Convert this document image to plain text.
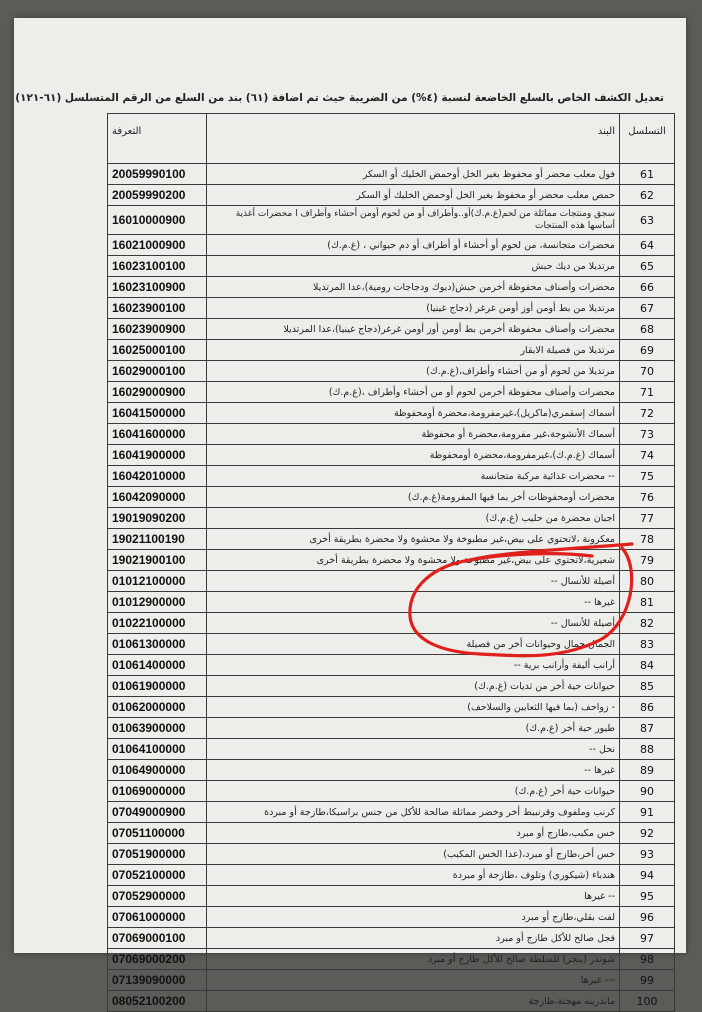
تعديل الكشف الخاص بالسلع الخاضعة لنسبة (٤%) من الضريبة حيث تم اضافة (٦١) بند من السلع من الرقم المتسلسل (٦١-١٢١)
التسلسل	البند	التعرفة
61	فول معلب محضر أو محفوظ بغير الخل أوحمض الخليك أو السكر	20059990100
62	حمص معلب محضر أو محفوظ بغير الخل أوحمض الخليك أو السكر	20059990200
63	سجق ومنتجات مماثلة من لحم(غ.م.ك)أو..وأطراف أو من لحوم أومن أحشاء وأطراف ا محضرات أغذية أساسها هذه المنتجات	16010000900
64	محضرات متجانسة، من لحوم أو أحشاء أو أطراف أو دم حيواني ، (غ.م.ك)	16021000900
65	مرتديلا من ديك حبش	16023100100
66	محضرات وأصناف محفوظة أخرمن حبش(ديوك ودجاجات رومية)،عدا المرتديلا	16023100900
67	مرتديلا من بط أومن أوز أومن غرغر (دجاج غينيا)	16023900100
68	محضرات وأصناف محفوظة أخرمن بط أومن أوز أومن غرغر(دجاج غينيا)،عدا المرتديلا	16023900900
69	مرتديلا من فصيلة الابقار	16025000100
70	مرتديلا من لحوم أو من أحشاء وأطراف،(غ.م.ك)	16029000100
71	محضرات وأصناف محفوظة أخرمن لحوم أو من أحشاء وأطراف ،(غ.م.ك)	16029000900
72	أسماك إسقمري(ماكريل)،غيرمفرومة،محضرة أومحفوظة	16041500000
73	أسماك الأنشوجة،غير مفرومة،محضرة أو محفوظة	16041600000
74	أسماك (غ.م.ك)،غيرمفرومة،محضرة أومحفوظة	16041900000
75	-- محضرات غذائية مركبة متجانسة	16042010000
76	محضرات أومحفوظات أخر بما فيها المفرومة(غ.م.ك)	16042090000
77	اجبان محضرة من حليب (غ.م.ك)	19019090200
78	معكرونة ،لاتحتوي على بيض،غير مطبوخة ولا محشوة ولا محضرة بطريقة أخرى	19021100190
79	شعيرية،لاتحتوي على بيض،غير مطبوخة ولا محشوة ولا محضرة بطريقة أخرى	19021900100
80	أصيلة للأنسال --	01012100000
81	غيرها --	01012900000
82	أصيلة للأنسال --	01022100000
83	الجمال جمال وحيوانات أخر من فصيلة	01061300000
84	أرانب أليفة وأرانب برية --	01061400000
85	حيوانات حية أخر من ثديات (غ.م.ك)	01061900000
86	- زواحف (بما فيها الثعابين والسلاحف)	01062000000
87	طيور حية أخر (غ.م.ك)	01063900000
88	نحل --	01064100000
89	غيرها --	01064900000
90	حيوانات حية أخر (غ.م.ك)	01069000000
91	كرنب وملفوف وقرنبيط أخر وخضر مماثلة صالحة للأكل من جنس براسيكا،طازجة أو مبردة	07049000900
92	خس مكبب،طازج أو مبرد	07051100000
93	خس أخر،طازج أو مبرد،(عدا الخس المكبب)	07051900000
94	هندباء (شيكوري) وتلوف ،طازجة أو مبردة	07052100000
95	-- غيرها	07052900000
96	لفت بقلي،طازج أو مبرد	07061000000
97	فجل صالح للأكل طازج أو مبرد	07069000100
98	شوندر (بنجر) للسلطة صالح للأكل طازج أو مبرد	07069000200
99	--- غيرها	07139090000
100	ماندرينه مهجنة،طازجة	08052100200
